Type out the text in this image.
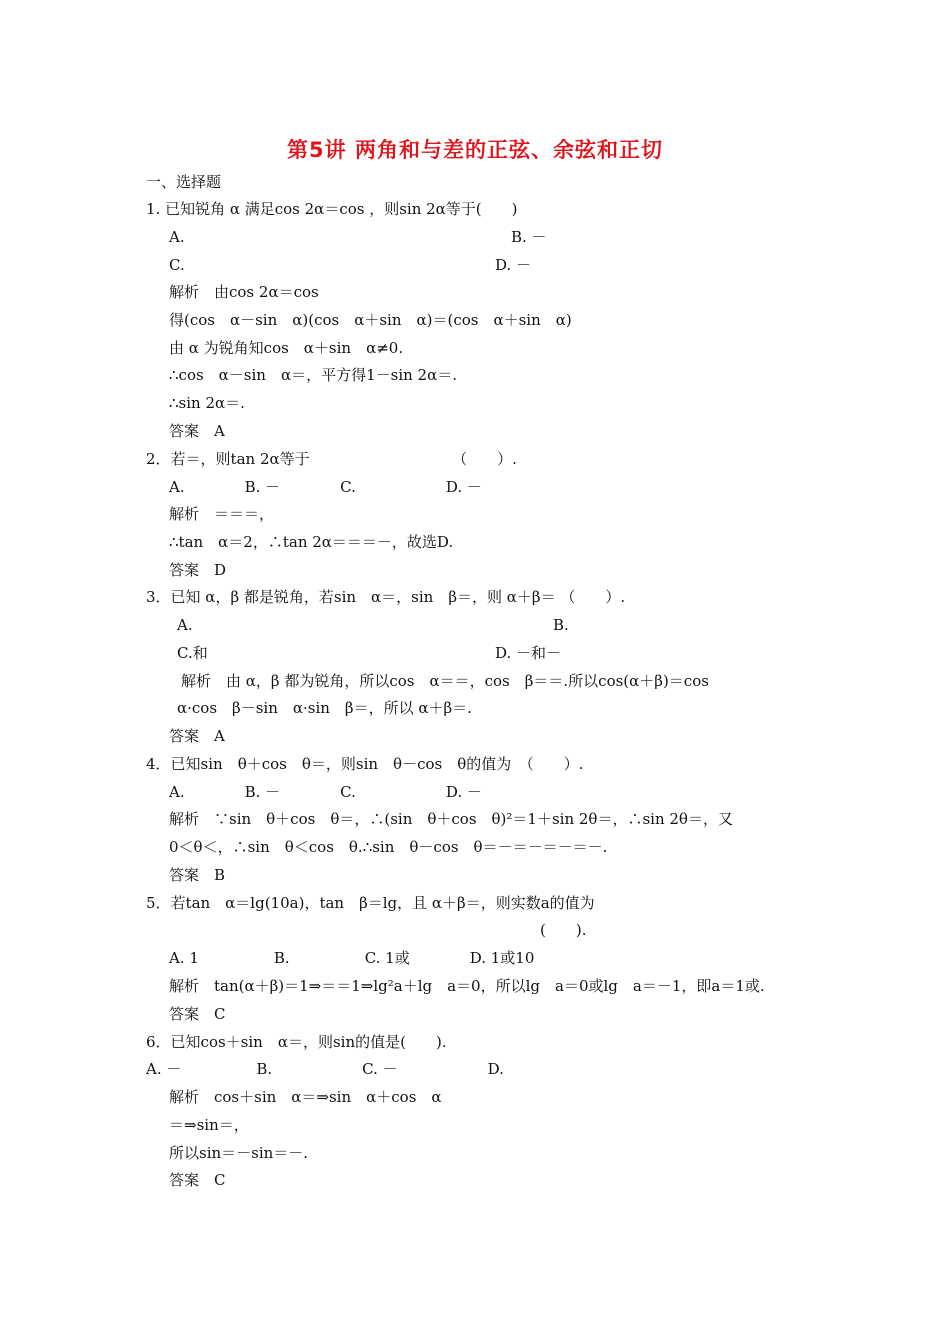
第5讲 两角和与差的正弦、余弦和正切
一、选择题
1. 已知锐角 α 满足cos 2α＝cos ，则sin 2α等于(　　)
A.	B. －
C.	D. －
解析　由cos 2α＝cos
得(cos　α－sin　α)(cos　α＋sin　α)＝(cos　α＋sin　α)
由 α 为锐角知cos　α＋sin　α≠0.
∴cos　α－sin　α＝，平方得1－sin 2α＝.
∴sin 2α＝.
答案　A
2．若＝，则tan 2α等于　　　　　　　　　　（　　）.
A.　　　　B. －　　　　C.　　　　　　D. －
解析　＝＝＝，
∴tan　α＝2，∴tan 2α＝＝＝－，故选D.
答案　D
3．已知 α，β 都是锐角，若sin　α＝，sin　β＝，则 α＋β＝ （　　）.
A.	B.
C.和	D. －和－
解析　由 α，β 都为锐角，所以cos　α＝＝，cos　β＝＝.所以cos(α＋β)＝cos
α·cos　β－sin　α·sin　β＝，所以 α＋β＝.
答案　A
4．已知sin　θ＋cos　θ＝，则sin　θ－cos　θ的值为　（　　）.
A.　　　　B. －　　　　C.　　　　　　D. －
解析　∵sin　θ＋cos　θ＝，∴(sin　θ＋cos　θ)²＝1＋sin 2θ＝，∴sin 2θ＝，又
0＜θ＜，∴sin　θ＜cos　θ.∴sin　θ－cos　θ＝－＝－＝－＝－.
答案　B
5．若tan　α＝lg(10a)，tan　β＝lg，且 α＋β＝，则实数a的值为
(　　).
A. 1　　　　　B.　　　　　C. 1或　　　　D. 1或10
解析　tan(α＋β)＝1⇒＝＝1⇒lg²a＋lg　a＝0，所以lg　a＝0或lg　a＝－1，即a＝1或.
答案　C
6．已知cos＋sin　α＝，则sin的值是(　　).
A. －　　　　　B.　　　　　　C. －　　　　　　D.
解析　cos＋sin　α＝⇒sin　α＋cos　α
＝⇒sin＝，
所以sin＝－sin＝－.
答案　C
